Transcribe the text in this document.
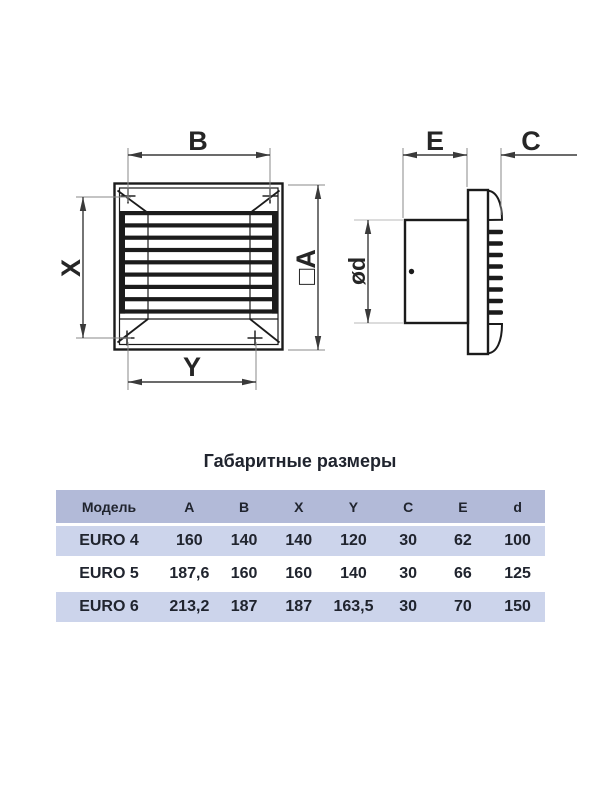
B
X	□A
Y
E	C
ød
Габаритные размеры
Модель	A	B	X	Y	C	E	d
EURO 4	160	140	140	120	30	62	100
EURO 5	187,6	160	160	140	30	66	125
EURO 6	213,2	187	187	163,5	30	70	150
